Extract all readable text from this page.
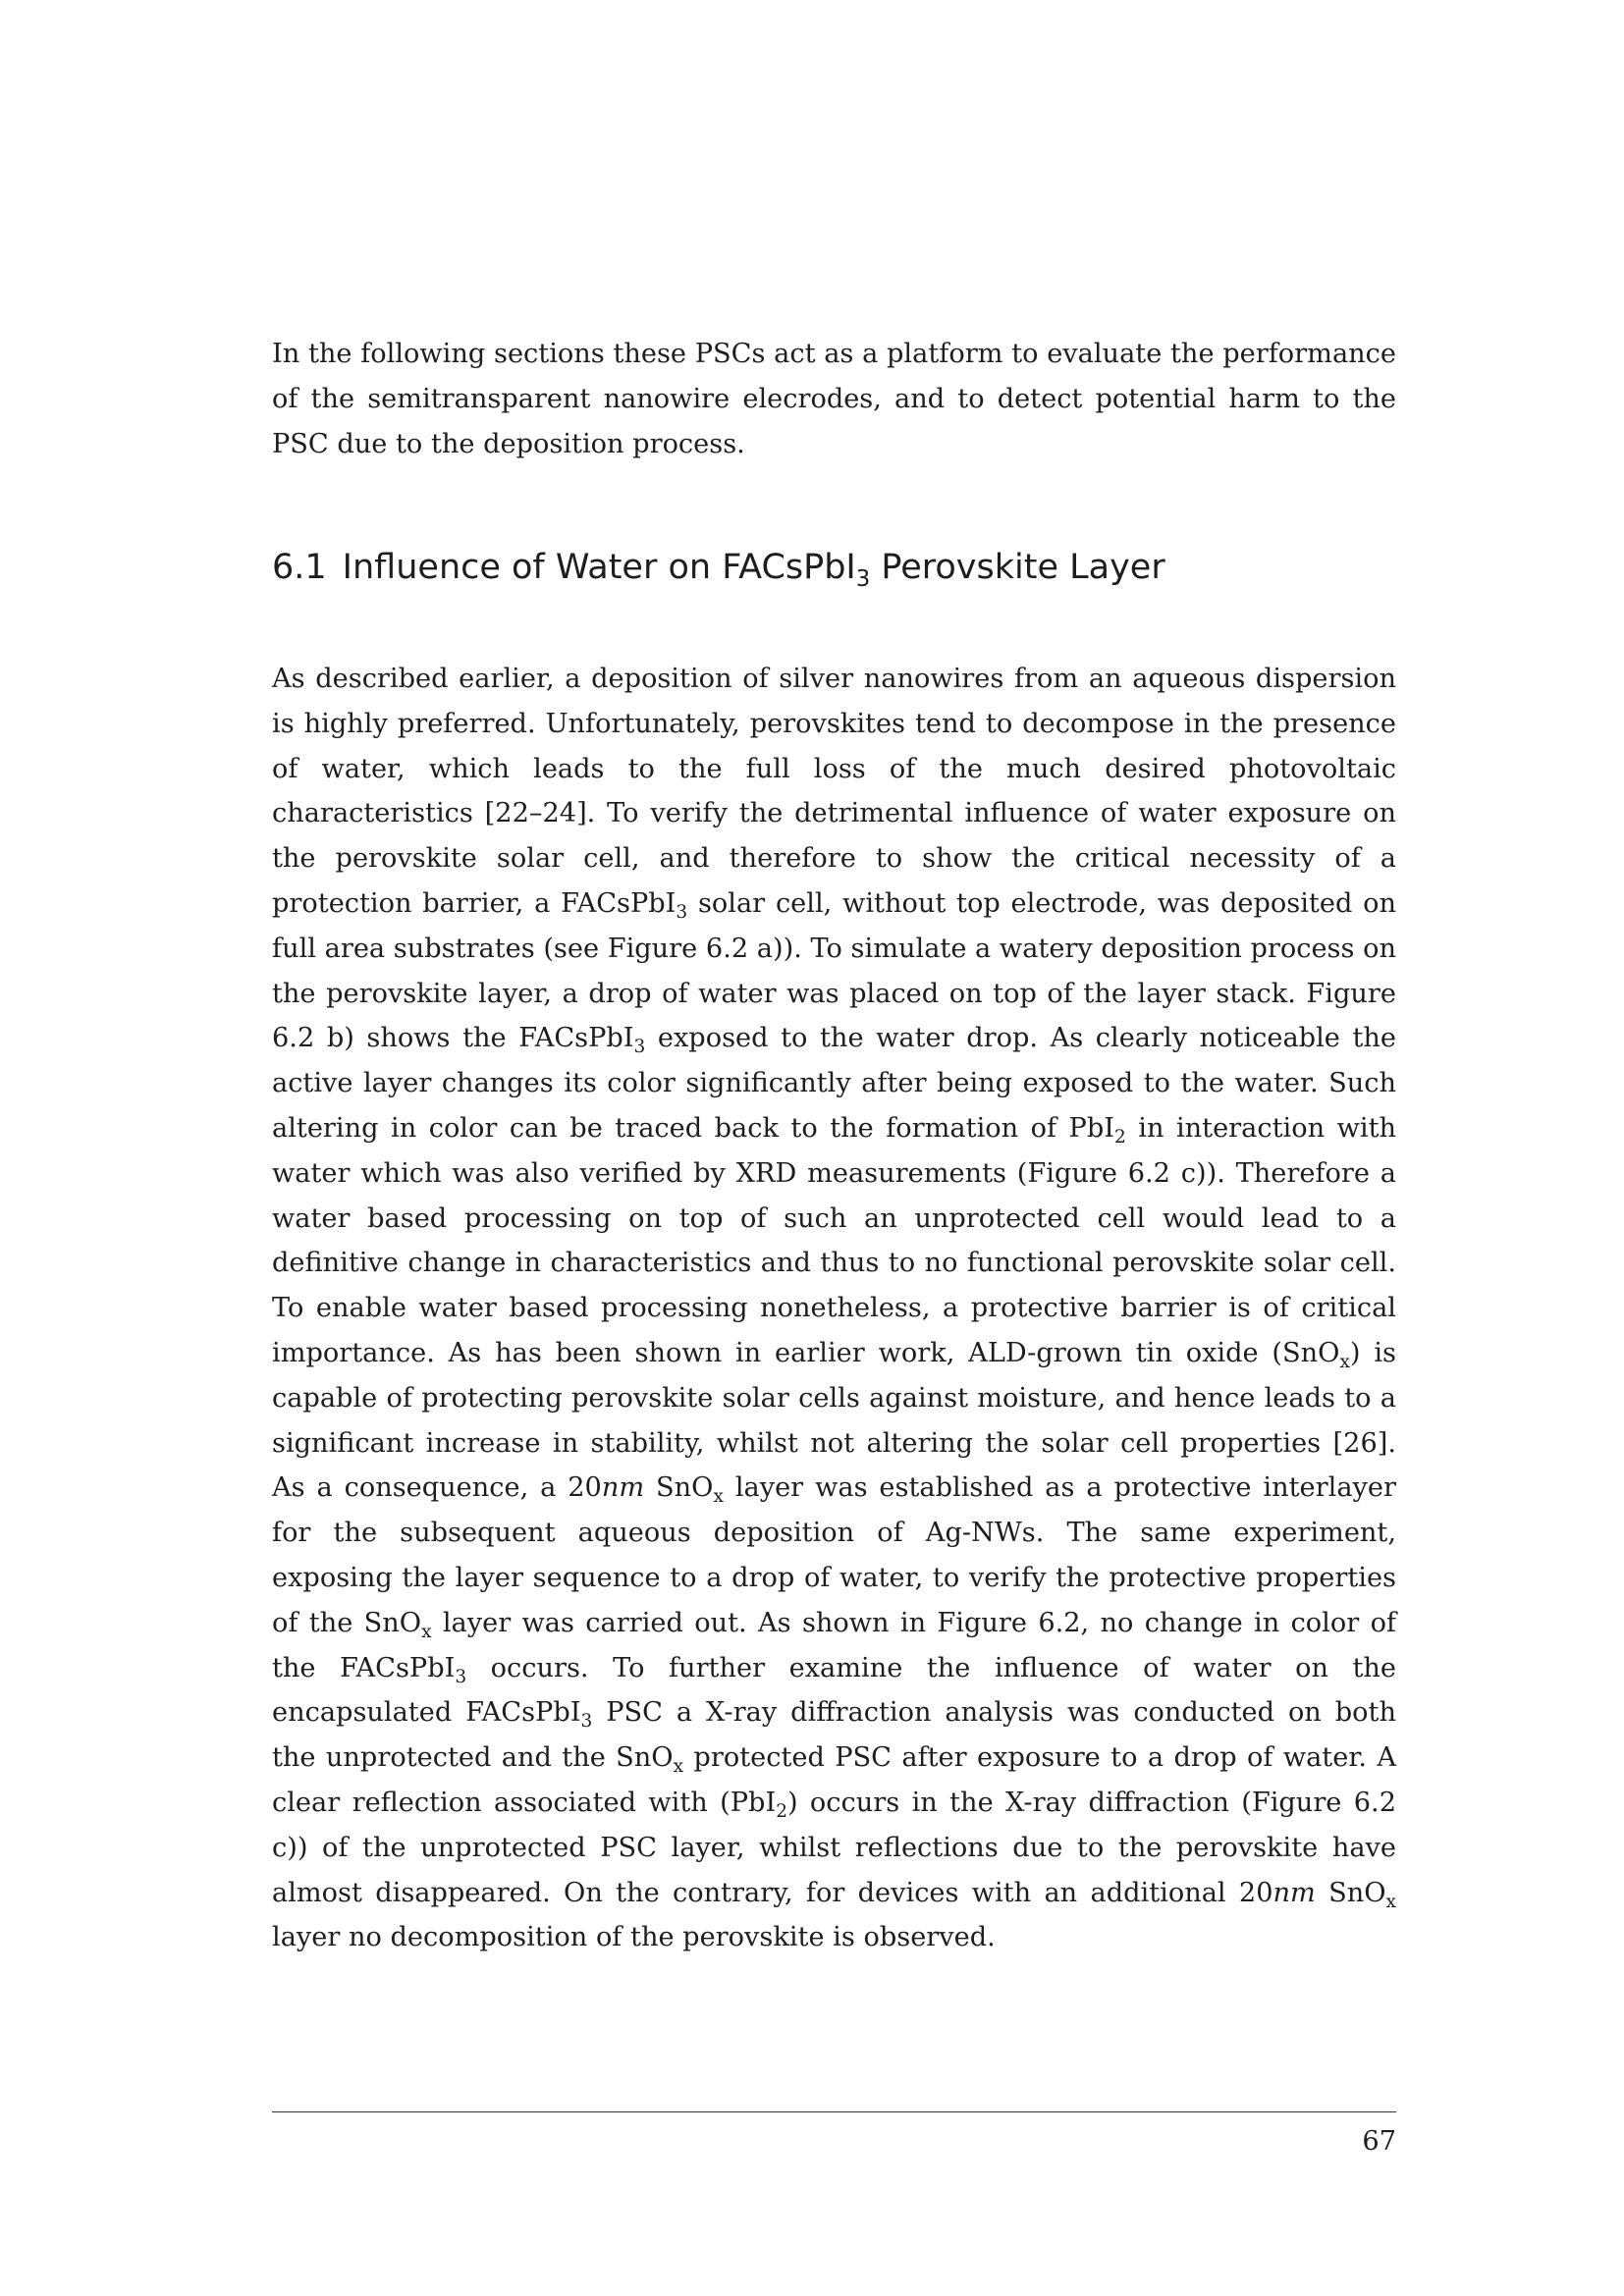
In the following sections these PSCs act as a platform to evaluate the performance of the semitransparent nanowire elecrodes, and to detect potential harm to the PSC due to the deposition process.

6.1 Influence of Water on FACsPbI$_3$ Perovskite Layer

As described earlier, a deposition of silver nanowires from an aqueous dispersion is highly preferred. Unfortunately, perovskites tend to decompose in the presence of water, which leads to the full loss of the much desired photovoltaic characteristics [22–24]. To verify the detrimental influence of water exposure on the perovskite solar cell, and therefore to show the critical necessity of a protection barrier, a FACsPbI$_3$ solar cell, without top electrode, was deposited on full area substrates (see Figure 6.2 a)). To simulate a watery deposition process on the perovskite layer, a drop of water was placed on top of the layer stack. Figure 6.2 b) shows the FACsPbI$_3$ exposed to the water drop. As clearly noticeable the active layer changes its color significantly after being exposed to the water. Such altering in color can be traced back to the formation of PbI$_2$ in interaction with water which was also verified by XRD measurements (Figure 6.2 c)). Therefore a water based processing on top of such an unprotected cell would lead to a definitive change in characteristics and thus to no functional perovskite solar cell. To enable water based processing nonetheless, a protective barrier is of critical importance. As has been shown in earlier work, ALD-grown tin oxide (SnO$_x$) is capable of protecting perovskite solar cells against moisture, and hence leads to a significant increase in stability, whilst not altering the solar cell properties [26]. As a consequence, a 20nm SnO$_x$ layer was established as a protective interlayer for the subsequent aqueous deposition of Ag-NWs. The same experiment, exposing the layer sequence to a drop of water, to verify the protective properties of the SnO$_x$ layer was carried out. As shown in Figure 6.2, no change in color of the FACsPbI$_3$ occurs. To further examine the influence of water on the encapsulated FACsPbI$_3$ PSC a X-ray diffraction analysis was conducted on both the unprotected and the SnO$_x$ protected PSC after exposure to a drop of water. A clear reflection associated with (PbI$_2$) occurs in the X-ray diffraction (Figure 6.2 c)) of the unprotected PSC layer, whilst reflections due to the perovskite have almost disappeared. On the contrary, for devices with an additional 20nm SnO$_x$ layer no decomposition of the perovskite is observed.

67
